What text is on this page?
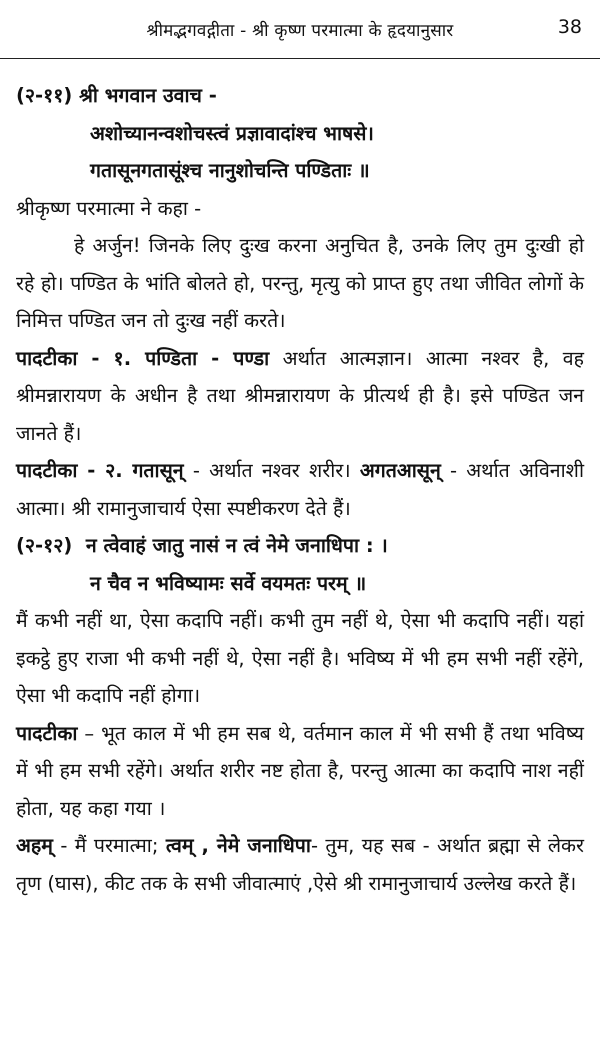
श्रीमद्भगवद्गीता - श्री कृष्ण परमात्मा के हृदयानुसार	38

(२-११) श्री भगवान उवाच -

अशोच्यानन्वशोचस्त्वं प्रज्ञावादांश्च भाषसे।

गतासूनगतासूंश्च नानुशोचन्ति पण्डिताः ॥

श्रीकृष्ण परमात्मा ने कहा -

हे अर्जुन! जिनके लिए दुःख करना अनुचित है, उनके लिए तुम दुःखी हो रहे हो। पण्डित के भांति बोलते हो, परन्तु, मृत्यु को प्राप्त हुए तथा जीवित लोगों के निमित्त पण्डित जन तो दुःख नहीं करते।

पादटीका - १. पण्डिता - पण्डा अर्थात आत्मज्ञान। आत्मा नश्वर है, वह श्रीमन्नारायण के अधीन है तथा श्रीमन्नारायण के प्रीत्यर्थ ही है। इसे पण्डित जन जानते हैं।

पादटीका - २. गतासून् - अर्थात नश्वर शरीर। अगतआसून् - अर्थात अविनाशी आत्मा। श्री रामानुजाचार्य ऐसा स्पष्टीकरण देते हैं।

(२-१२) न त्वेवाहं जातु नासं न त्वं नेमे जनाधिपा : ।

न चैव न भविष्यामः सर्वे वयमतः परम् ॥

मैं कभी नहीं था, ऐसा कदापि नहीं। कभी तुम नहीं थे, ऐसा भी कदापि नहीं। यहां इकट्ठे हुए राजा भी कभी नहीं थे, ऐसा नहीं है। भविष्य में भी हम सभी नहीं रहेंगे, ऐसा भी कदापि नहीं होगा।

पादटीका – भूत काल में भी हम सब थे, वर्तमान काल में भी सभी हैं तथा भविष्य में भी हम सभी रहेंगे। अर्थात शरीर नष्ट होता है, परन्तु आत्मा का कदापि नाश नहीं होता, यह कहा गया ।

अहम् - मैं परमात्मा; त्वम् , नेमे जनाधिपा- तुम, यह सब - अर्थात ब्रह्मा से लेकर तृण (घास), कीट तक के सभी जीवात्माएं ,ऐसे श्री रामानुजाचार्य उल्लेख करते हैं।
